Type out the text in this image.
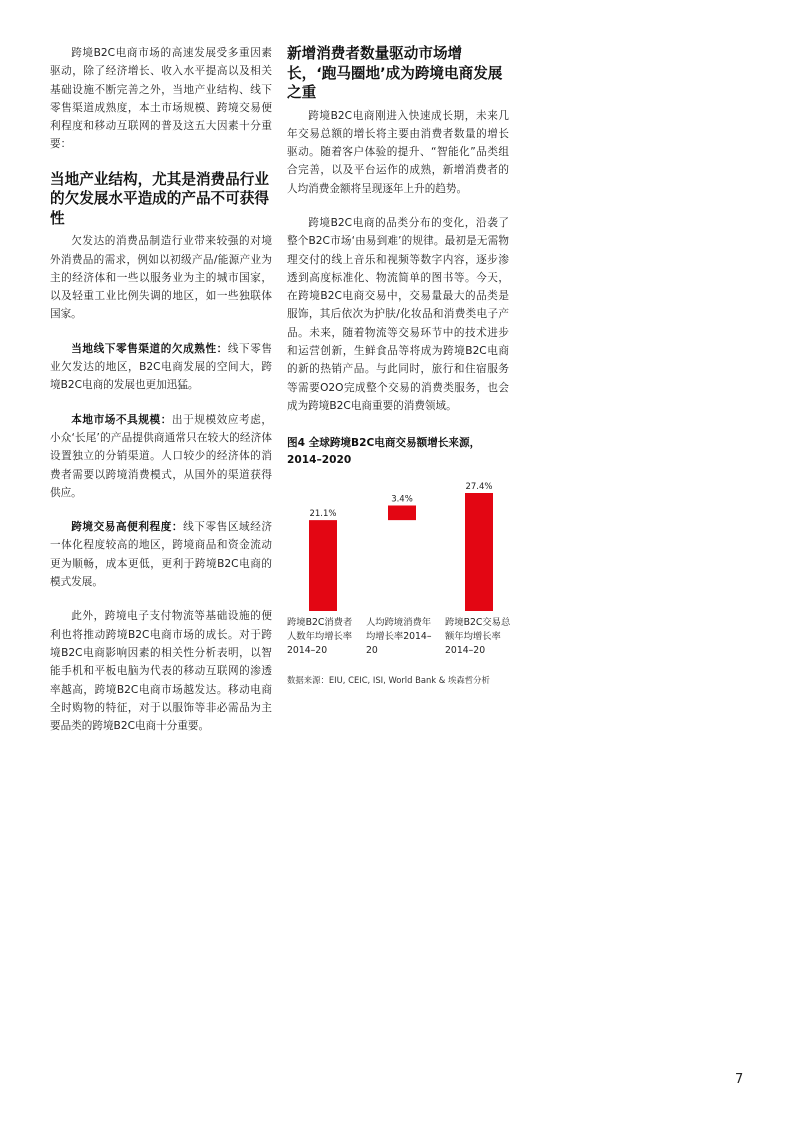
跨境B2C电商市场的高速发展受多重因素驱动，除了经济增长、收入水平提高以及相关基础设施不断完善之外，当地产业结构、线下零售渠道成熟度，本土市场规模、跨境交易便利程度和移动互联网的普及这五大因素十分重要：

当地产业结构，尤其是消费品行业的欠发展水平造成的产品不可获得性

欠发达的消费品制造行业带来较强的对境外消费品的需求，例如以初级产品/能源产业为主的经济体和一些以服务业为主的城市国家，以及轻重工业比例失调的地区，如一些独联体国家。

当地线下零售渠道的欠成熟性：线下零售业欠发达的地区，B2C电商发展的空间大，跨境B2C电商的发展也更加迅猛。

本地市场不具规模：出于规模效应考虑，小众‘长尾’的产品提供商通常只在较大的经济体设置独立的分销渠道。人口较少的经济体的消费者需要以跨境消费模式，从国外的渠道获得供应。

跨境交易高便利程度：线下零售区域经济一体化程度较高的地区，跨境商品和资金流动更为顺畅，成本更低，更利于跨境B2C电商的模式发展。

此外，跨境电子支付物流等基础设施的便利也将推动跨境B2C电商市场的成长。对于跨境B2C电商影响因素的相关性分析表明，以智能手机和平板电脑为代表的移动互联网的渗透率越高，跨境B2C电商市场越发达。移动电商全时购物的特征，对于以服饰等非必需品为主要品类的跨境B2C电商十分重要。

新增消费者数量驱动市场增长，‘跑马圈地’成为跨境电商发展之重

跨境B2C电商刚进入快速成长期，未来几年交易总额的增长将主要由消费者数量的增长驱动。随着客户体验的提升、“智能化”品类组合完善，以及平台运作的成熟，新增消费者的人均消费金额将呈现逐年上升的趋势。

跨境B2C电商的品类分布的变化，沿袭了整个B2C市场‘由易到难’的规律。最初是无需物理交付的线上音乐和视频等数字内容，逐步渗透到高度标准化、物流简单的图书等。今天，在跨境B2C电商交易中，交易量最大的品类是服饰，其后依次为护肤/化妆品和消费类电子产品。未来，随着物流等交易环节中的技术进步和运营创新，生鲜食品等将成为跨境B2C电商的新的热销产品。与此同时，旅行和住宿服务等需要O2O完成整个交易的消费类服务，也会成为跨境B2C电商重要的消费领域。

图4 全球跨境B2C电商交易额增长来源，2014–2020
21.1%
3.4%
27.4%
跨境B2C消费者人数年均增长率2014–20
人均跨境消费年均增长率2014–20
跨境B2C交易总额年均增长率2014–20
数据来源：EIU, CEIC, ISI, World Bank & 埃森哲分析
7
